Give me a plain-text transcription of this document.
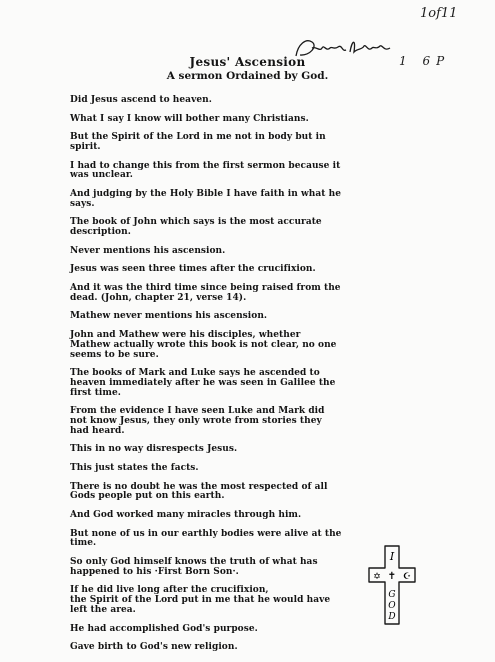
1of11
1 6P
Jesus' Ascension
A sermon Ordained by God.
Did Jesus ascend to heaven.
What I say I know will bother many Christians.
But the Spirit of the Lord in me not in body but in
spirit.
I had to change this from the first sermon because it
was unclear.
And judging by the Holy Bible I have faith in what he
says.
The book of John which says is the most accurate
description.
Never mentions his ascension.
Jesus was seen three times after the crucifixion.
And it was the third time since being raised from the
dead. (John, chapter 21, verse 14).
Mathew never mentions his ascension.
John and Mathew were his disciples, whether
Mathew actually wrote this book is not clear, no one
seems to be sure.
The books of Mark and Luke says he ascended to
heaven immediately after he was seen in Galilee the
first time.
From the evidence I have seen Luke and Mark did
not know Jesus, they only wrote from stories they
had heard.
This in no way disrespects Jesus.
This just states the facts.
There is no doubt he was the most respected of all
Gods people put on this earth.
And God worked many miracles through him.
But none of us in our earthly bodies were alive at the
time.
So only God himself knows the truth of what has
happened to his ·First Born Son·.
If he did live long after the crucifixion,
the Spirit of the Lord put in me that he would have
left the area.
He had accomplished God's purpose.
Gave birth to God's new religion.
I
✡ ✝ ☪
G
O
D
